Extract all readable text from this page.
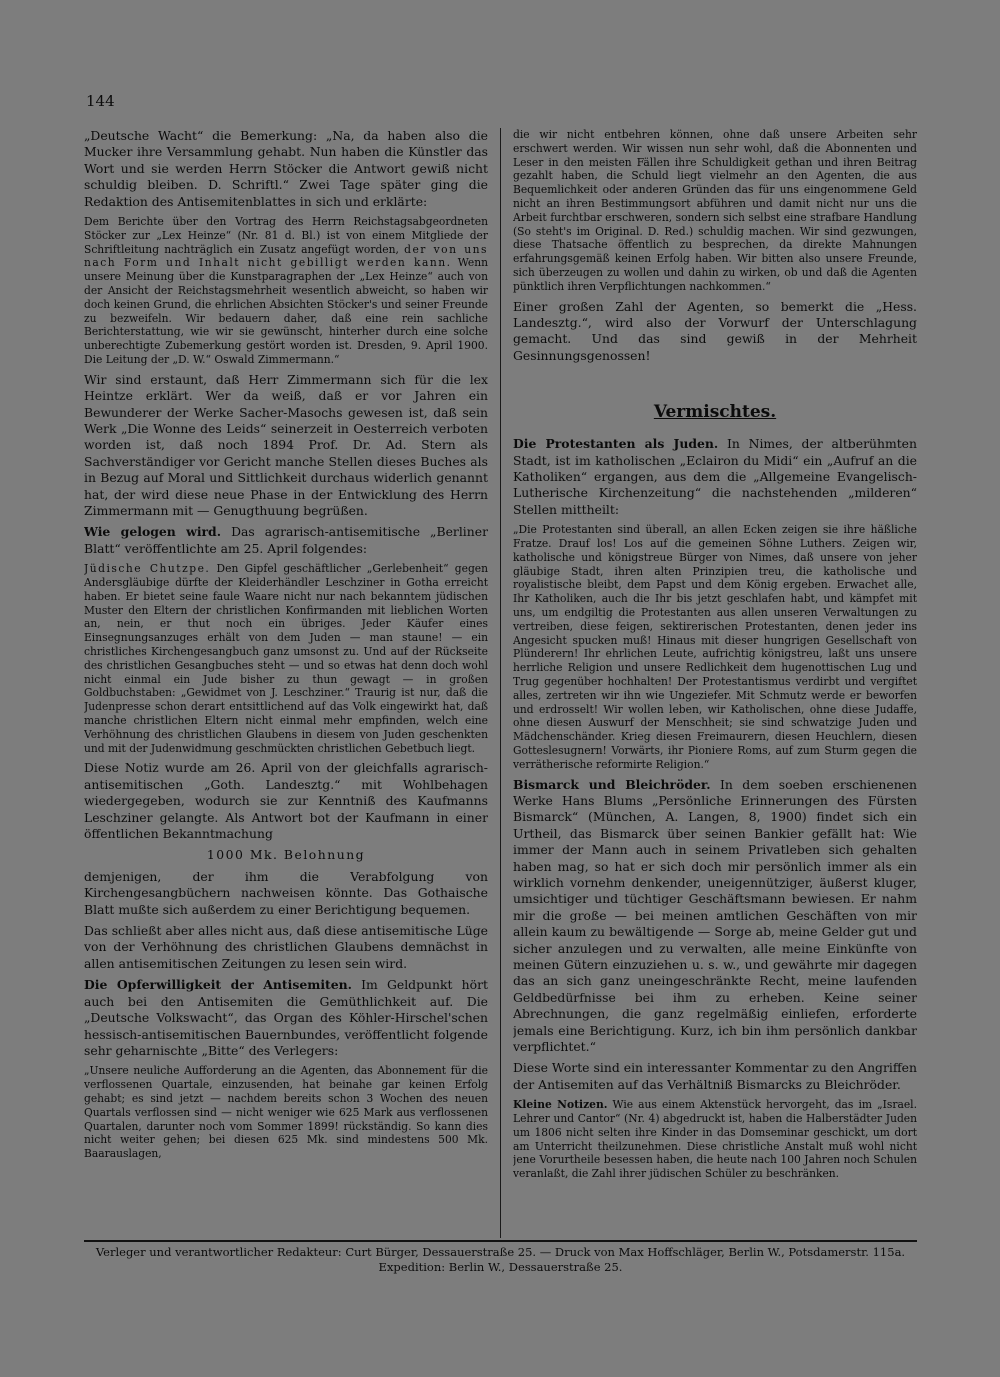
144

„Deutsche Wacht“ die Bemerkung: „Na, da haben also die Mucker ihre Versammlung gehabt. Nun haben die Künstler das Wort und sie werden Herrn Stöcker die Antwort gewiß nicht schuldig bleiben. D. Schriftl.“ Zwei Tage später ging die Redaktion des Antisemitenblattes in sich und erklärte:

Dem Berichte über den Vortrag des Herrn Reichstagsabgeordneten Stöcker zur „Lex Heinze“ (Nr. 81 d. Bl.) ist von einem Mitgliede der Schriftleitung nachträglich ein Zusatz angefügt worden, der von uns nach Form und Inhalt nicht gebilligt werden kann. Wenn unsere Meinung über die Kunstparagraphen der „Lex Heinze“ auch von der Ansicht der Reichstagsmehrheit wesentlich abweicht, so haben wir doch keinen Grund, die ehrlichen Absichten Stöcker's und seiner Freunde zu bezweifeln. Wir bedauern daher, daß eine rein sachliche Berichterstattung, wie wir sie gewünscht, hinterher durch eine solche unberechtigte Zubemerkung gestört worden ist. Dresden, 9. April 1900. Die Leitung der „D. W.“ Oswald Zimmermann.“

Wir sind erstaunt, daß Herr Zimmermann sich für die lex Heintze erklärt. Wer da weiß, daß er vor Jahren ein Bewunderer der Werke Sacher-Masochs gewesen ist, daß sein Werk „Die Wonne des Leids“ seinerzeit in Oesterreich verboten worden ist, daß noch 1894 Prof. Dr. Ad. Stern als Sachverständiger vor Gericht manche Stellen dieses Buches als in Bezug auf Moral und Sittlichkeit durchaus widerlich genannt hat, der wird diese neue Phase in der Entwicklung des Herrn Zimmermann mit — Genugthuung begrüßen.

Wie gelogen wird. Das agrarisch-antisemitische „Berliner Blatt“ veröffentlichte am 25. April folgendes:

Jüdische Chutzpe. Den Gipfel geschäftlicher „Gerlebenheit“ gegen Andersgläubige dürfte der Kleiderhändler Leschziner in Gotha erreicht haben. Er bietet seine faule Waare nicht nur nach bekanntem jüdischen Muster den Eltern der christlichen Konfirmanden mit lieblichen Worten an, nein, er thut noch ein übriges. Jeder Käufer eines Einsegnungsanzuges erhält von dem Juden — man staune! — ein christliches Kirchengesangbuch ganz umsonst zu. Und auf der Rückseite des christlichen Gesangbuches steht — und so etwas hat denn doch wohl nicht einmal ein Jude bisher zu thun gewagt — in großen Goldbuchstaben: „Gewidmet von J. Leschziner.“ Traurig ist nur, daß die Judenpresse schon derart entsittlichend auf das Volk eingewirkt hat, daß manche christlichen Eltern nicht einmal mehr empfinden, welch eine Verhöhnung des christlichen Glaubens in diesem von Juden geschenkten und mit der Judenwidmung geschmückten christlichen Gebetbuch liegt.

Diese Notiz wurde am 26. April von der gleichfalls agrarisch-antisemitischen „Goth. Landesztg.“ mit Wohlbehagen wiedergegeben, wodurch sie zur Kenntniß des Kaufmanns Leschziner gelangte. Als Antwort bot der Kaufmann in einer öffentlichen Bekanntmachung

1000 Mk. Belohnung

demjenigen, der ihm die Verabfolgung von Kirchengesangbüchern nachweisen könnte. Das Gothaische Blatt mußte sich außerdem zu einer Berichtigung bequemen.

Das schließt aber alles nicht aus, daß diese antisemitische Lüge von der Verhöhnung des christlichen Glaubens demnächst in allen antisemitischen Zeitungen zu lesen sein wird.

Die Opferwilligkeit der Antisemiten. Im Geldpunkt hört auch bei den Antisemiten die Gemüthlichkeit auf. Die „Deutsche Volkswacht“, das Organ des Köhler-Hirschel'schen hessisch-antisemitischen Bauernbundes, veröffentlicht folgende sehr geharnischte „Bitte“ des Verlegers:

„Unsere neuliche Aufforderung an die Agenten, das Abonnement für die verflossenen Quartale, einzusenden, hat beinahe gar keinen Erfolg gehabt; es sind jetzt — nachdem bereits schon 3 Wochen des neuen Quartals verflossen sind — nicht weniger wie 625 Mark aus verflossenen Quartalen, darunter noch vom Sommer 1899! rückständig. So kann dies nicht weiter gehen; bei diesen 625 Mk. sind mindestens 500 Mk. Baarauslagen,

die wir nicht entbehren können, ohne daß unsere Arbeiten sehr erschwert werden. Wir wissen nun sehr wohl, daß die Abonnenten und Leser in den meisten Fällen ihre Schuldigkeit gethan und ihren Beitrag gezahlt haben, die Schuld liegt vielmehr an den Agenten, die aus Bequemlichkeit oder anderen Gründen das für uns eingenommene Geld nicht an ihren Bestimmungsort abführen und damit nicht nur uns die Arbeit furchtbar erschweren, sondern sich selbst eine strafbare Handlung (So steht's im Original. D. Red.) schuldig machen. Wir sind gezwungen, diese Thatsache öffentlich zu besprechen, da direkte Mahnungen erfahrungsgemäß keinen Erfolg haben. Wir bitten also unsere Freunde, sich überzeugen zu wollen und dahin zu wirken, ob und daß die Agenten pünktlich ihren Verpflichtungen nachkommen.“

Einer großen Zahl der Agenten, so bemerkt die „Hess. Landesztg.“, wird also der Vorwurf der Unterschlagung gemacht. Und das sind gewiß in der Mehrheit Gesinnungsgenossen!

Vermischtes.

Die Protestanten als Juden. In Nimes, der altberühmten Stadt, ist im katholischen „Eclairon du Midi“ ein „Aufruf an die Katholiken“ ergangen, aus dem die „Allgemeine Evangelisch-Lutherische Kirchenzeitung“ die nachstehenden „milderen“ Stellen mittheilt:

„Die Protestanten sind überall, an allen Ecken zeigen sie ihre häßliche Fratze. Drauf los! Los auf die gemeinen Söhne Luthers. Zeigen wir, katholische und königstreue Bürger von Nimes, daß unsere von jeher gläubige Stadt, ihren alten Prinzipien treu, die katholische und royalistische bleibt, dem Papst und dem König ergeben. Erwachet alle, Ihr Katholiken, auch die Ihr bis jetzt geschlafen habt, und kämpfet mit uns, um endgiltig die Protestanten aus allen unseren Verwaltungen zu vertreiben, diese feigen, sektirerischen Protestanten, denen jeder ins Angesicht spucken muß! Hinaus mit dieser hungrigen Gesellschaft von Plünderern! Ihr ehrlichen Leute, aufrichtig königstreu, laßt uns unsere herrliche Religion und unsere Redlichkeit dem hugenottischen Lug und Trug gegenüber hochhalten! Der Protestantismus verdirbt und vergiftet alles, zertreten wir ihn wie Ungeziefer. Mit Schmutz werde er beworfen und erdrosselt! Wir wollen leben, wir Katholischen, ohne diese Judaffe, ohne diesen Auswurf der Menschheit; sie sind schwatzige Juden und Mädchenschänder. Krieg diesen Freimaurern, diesen Heuchlern, diesen Gotteslesugnern! Vorwärts, ihr Pioniere Roms, auf zum Sturm gegen die verrätherische reformirte Religion.“

Bismarck und Bleichröder. In dem soeben erschienenen Werke Hans Blums „Persönliche Erinnerungen des Fürsten Bismarck“ (München, A. Langen, 8, 1900) findet sich ein Urtheil, das Bismarck über seinen Bankier gefällt hat: Wie immer der Mann auch in seinem Privatleben sich gehalten haben mag, so hat er sich doch mir persönlich immer als ein wirklich vornehm denkender, uneigennütziger, äußerst kluger, umsichtiger und tüchtiger Geschäftsmann bewiesen. Er nahm mir die große — bei meinen amtlichen Geschäften von mir allein kaum zu bewältigende — Sorge ab, meine Gelder gut und sicher anzulegen und zu verwalten, alle meine Einkünfte von meinen Gütern einzuziehen u. s. w., und gewährte mir dagegen das an sich ganz uneingeschränkte Recht, meine laufenden Geldbedürfnisse bei ihm zu erheben. Keine seiner Abrechnungen, die ganz regelmäßig einliefen, erforderte jemals eine Berichtigung. Kurz, ich bin ihm persönlich dankbar verpflichtet.“

Diese Worte sind ein interessanter Kommentar zu den Angriffen der Antisemiten auf das Verhältniß Bismarcks zu Bleichröder.

Kleine Notizen. Wie aus einem Aktenstück hervorgeht, das im „Israel. Lehrer und Cantor“ (Nr. 4) abgedruckt ist, haben die Halberstädter Juden um 1806 nicht selten ihre Kinder in das Domseminar geschickt, um dort am Unterricht theilzunehmen. Diese christliche Anstalt muß wohl nicht jene Vorurtheile besessen haben, die heute nach 100 Jahren noch Schulen veranlaßt, die Zahl ihrer jüdischen Schüler zu beschränken.

Verleger und verantwortlicher Redakteur: Curt Bürger, Dessauerstraße 25. — Druck von Max Hoffschläger, Berlin W., Potsdamerstr. 115a.
Expedition: Berlin W., Dessauerstraße 25.
